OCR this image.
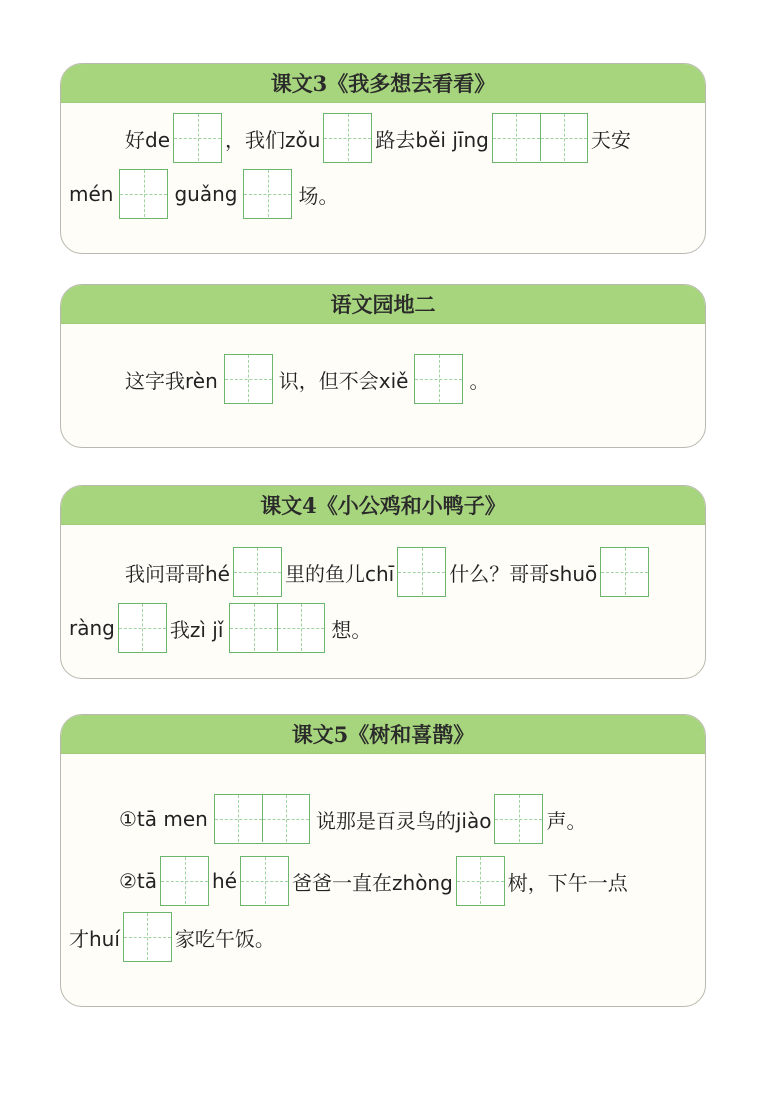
课文3《我多想去看看》
好de	，我们zǒu	路去běi jīng	天安
mén	guǎng	场。
语文园地二
这字我rèn	识，但不会xiě	。
课文4《小公鸡和小鸭子》
我问哥哥hé	里的鱼儿chī	什么？哥哥shuō
ràng	我zì jǐ	想。
课文5《树和喜鹊》
①tā men	说那是百灵鸟的jiào	声。
②tā	hé	爸爸一直在zhòng	树，下午一点
才huí	家吃午饭。
